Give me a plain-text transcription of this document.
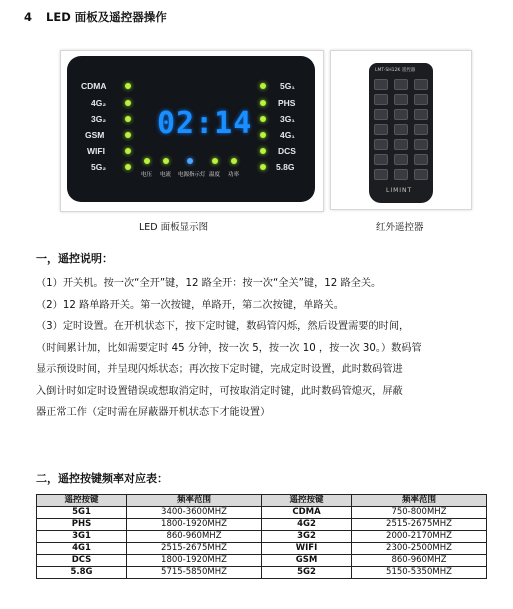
4 LED 面板及遥控器操作
CDMA
4G₂
3G₂
GSM
WIFI
5G₂
02:14
5G₁
PHS
3G₁
4G₁
DCS
5.8G
电压 电流 电源指示灯 温度 功率
LMT-SH12K 遥控器
LIMINT
LED 面板显示图	红外遥控器
一，遥控说明：

（1）开关机。按一次“全开”键，12 路全开：按一次“全关”键，12 路全关。

（2）12 路单路开关。第一次按键，单路开，第二次按键，单路关。

（3）定时设置。在开机状态下，按下定时键，数码管闪烁，然后设置需要的时间，

（时间累计加，比如需要定时 45 分钟，按一次 5，按一次 10 ，按一次 30。）数码管

显示预设时间，并呈现闪烁状态；再次按下定时键，完成定时设置，此时数码管进

入倒计时如定时设置错误或想取消定时，可按取消定时键，此时数码管熄灭，屏蔽

器正常工作（定时需在屏蔽器开机状态下才能设置）

二，遥控按键频率对应表：
遥控按键	频率范围	遥控按键	频率范围
5G1	3400-3600MHZ	CDMA	750-800MHZ
PHS	1800-1920MHZ	4G2	2515-2675MHZ
3G1	860-960MHZ	3G2	2000-2170MHZ
4G1	2515-2675MHZ	WIFI	2300-2500MHZ
DCS	1800-1920MHZ	GSM	860-960MHZ
5.8G	5715-5850MHZ	5G2	5150-5350MHZ
